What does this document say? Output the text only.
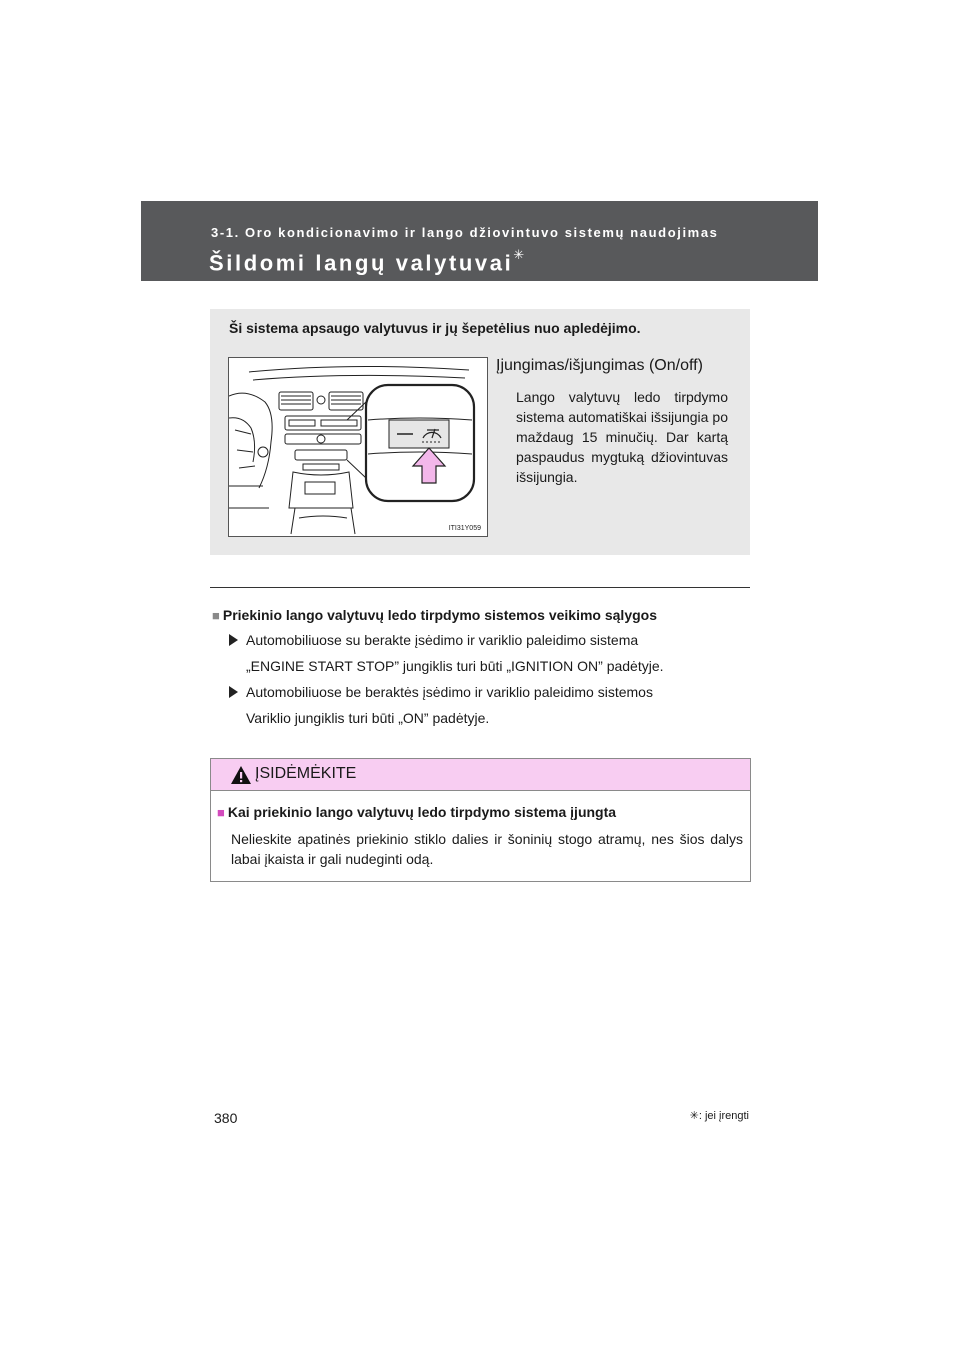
3-1. Oro kondicionavimo ir lango džiovintuvo sistemų naudojimas
Šildomi langų valytuvai✳
Ši sistema apsaugo valytuvus ir jų šepetėlius nuo apledėjimo.
ITI31Y059
Įjungimas/išjungimas (On/off)
Lango valytuvų ledo tirpdymo sistema automatiškai išsijungia po maždaug 15 minučių. Dar kartą paspaudus mygtuką džiovintuvas išsijungia.
■ Priekinio lango valytuvų ledo tirpdymo sistemos veikimo sąlygos
Automobiliuose su berakte įsėdimo ir variklio paleidimo sistema
„ENGINE START STOP” jungiklis turi būti „IGNITION ON” padėtyje.
Automobiliuose be beraktės įsėdimo ir variklio paleidimo sistemos
Variklio jungiklis turi būti „ON” padėtyje.
ĮSIDĖMĖKITE
■ Kai priekinio lango valytuvų ledo tirpdymo sistema įjungta
Nelieskite apatinės priekinio stiklo dalies ir šoninių stogo atramų, nes šios dalys labai įkaista ir gali nudeginti odą.
✳: jei įrengti
380
